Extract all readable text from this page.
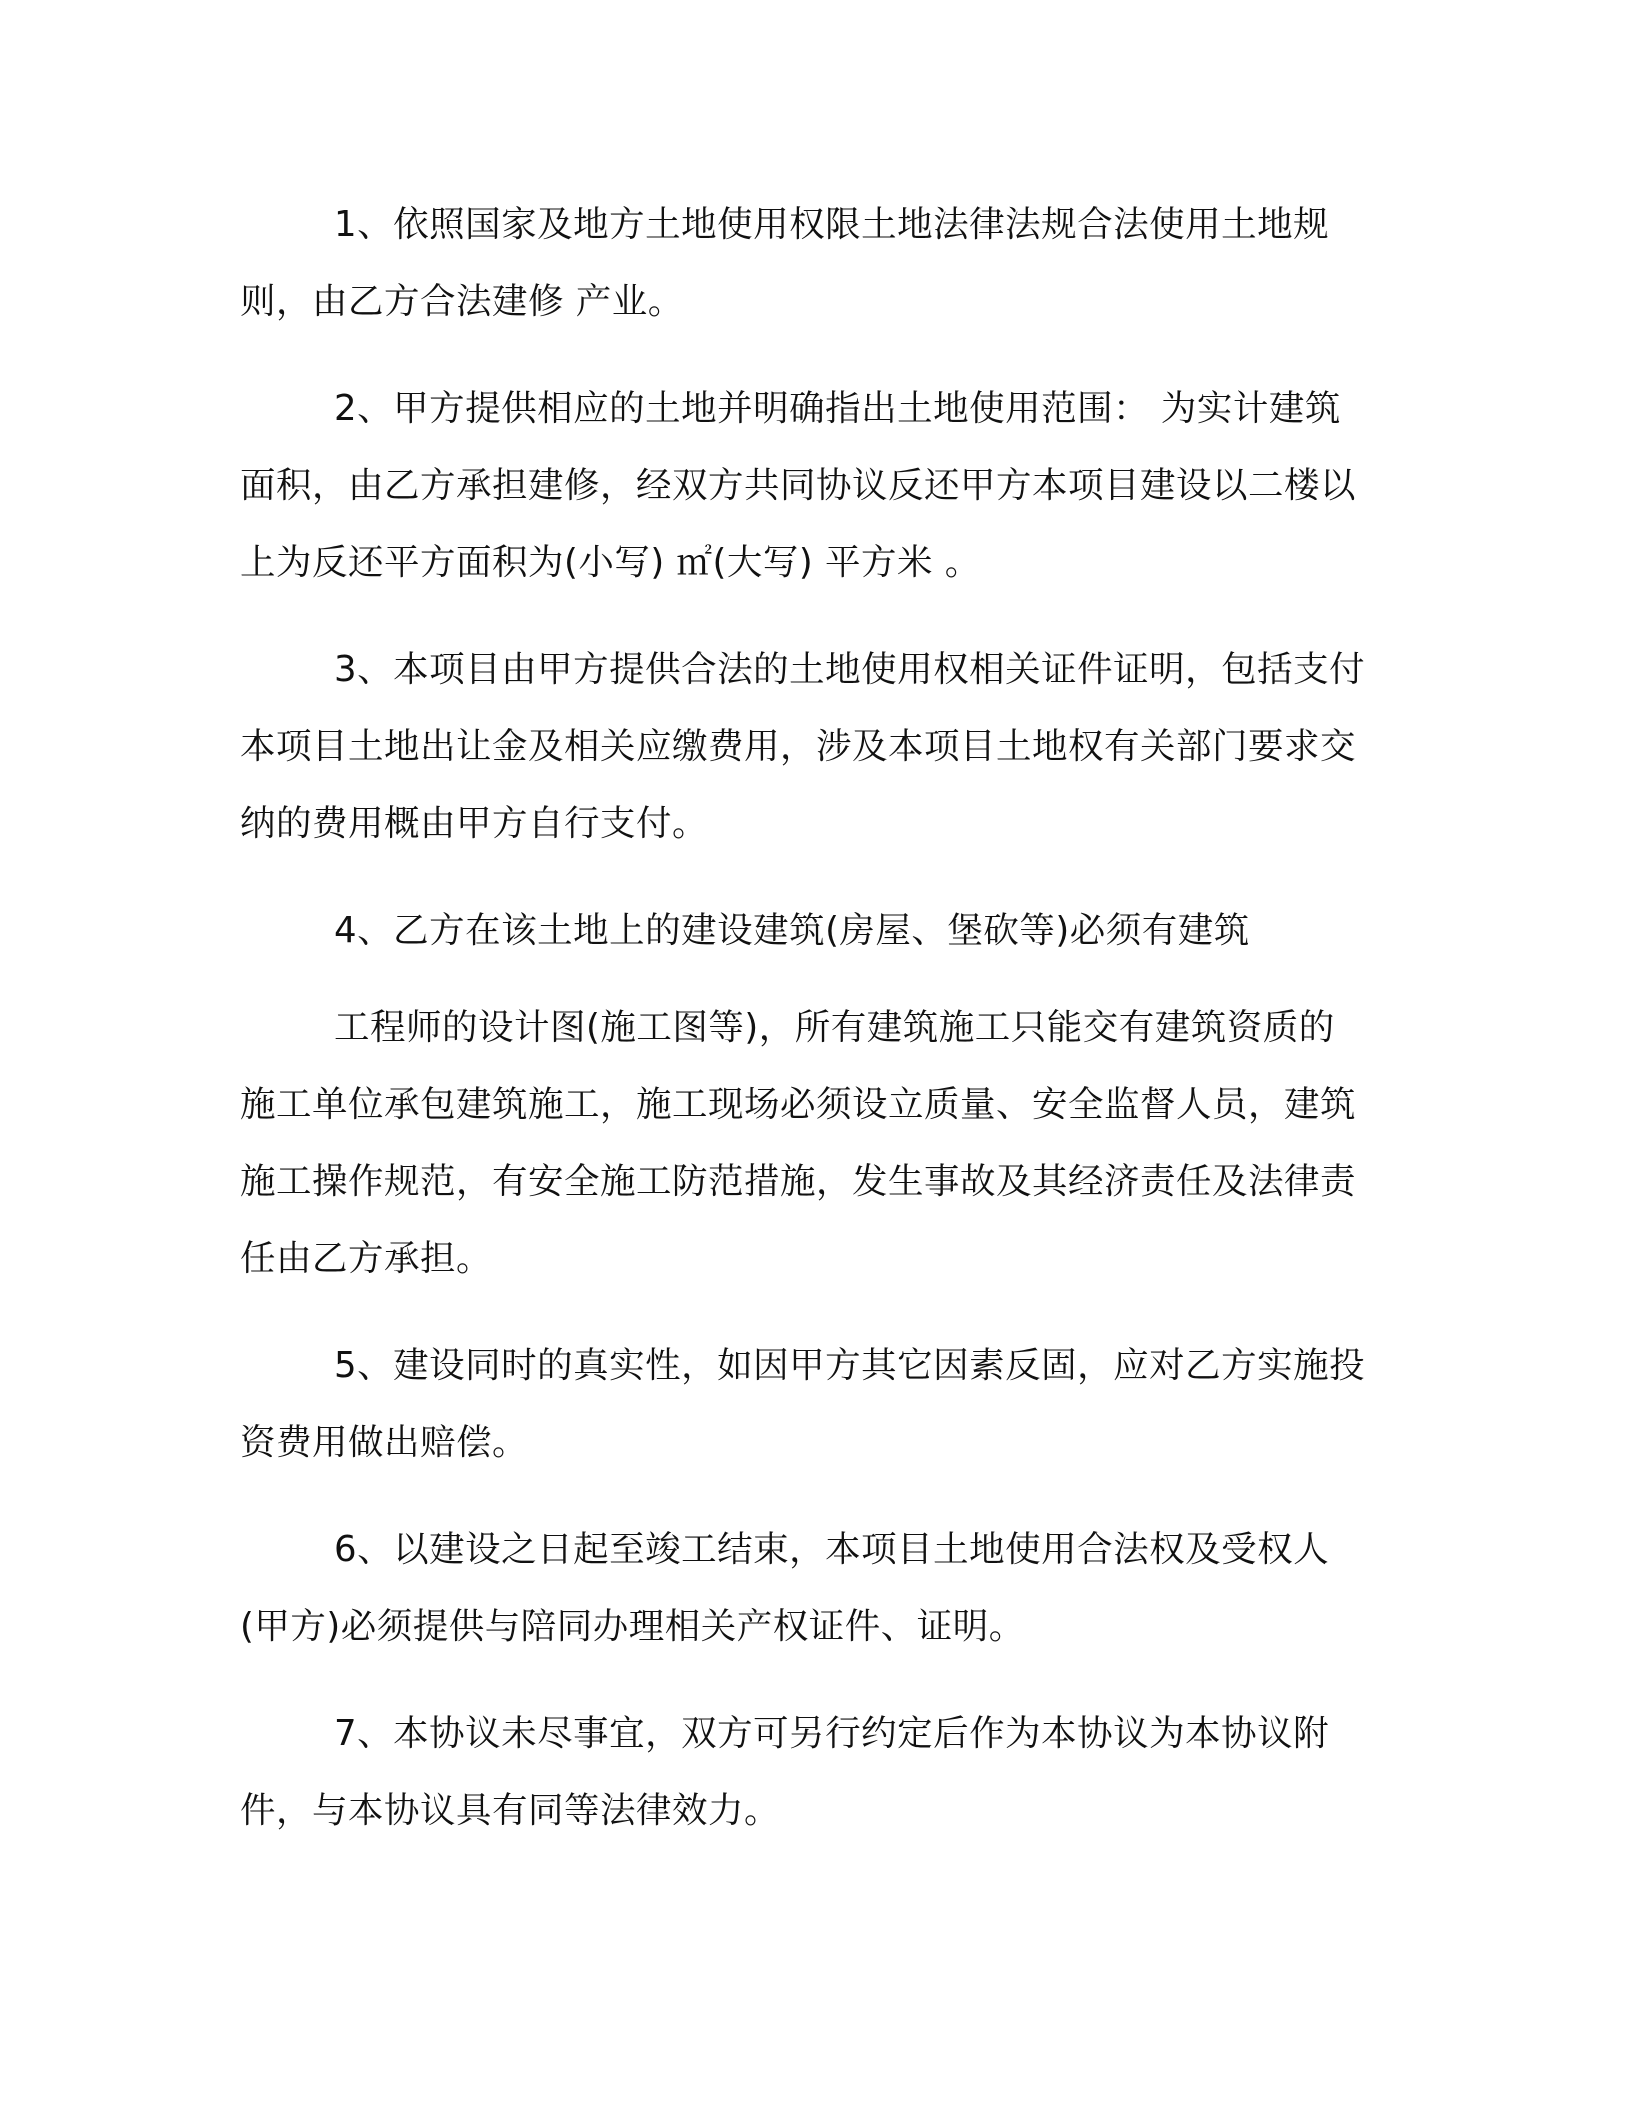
1、依照国家及地方土地使用权限土地法律法规合法使用土地规则，由乙方合法建修 产业。

2、甲方提供相应的土地并明确指出土地使用范围： 为实计建筑面积，由乙方承担建修，经双方共同协议反还甲方本项目建设以二楼以上为反还平方面积为(小写) ㎡(大写) 平方米 。

3、本项目由甲方提供合法的土地使用权相关证件证明，包括支付本项目土地出让金及相关应缴费用，涉及本项目土地权有关部门要求交纳的费用概由甲方自行支付。

4、乙方在该土地上的建设建筑(房屋、堡砍等)必须有建筑

工程师的设计图(施工图等)，所有建筑施工只能交有建筑资质的施工单位承包建筑施工，施工现场必须设立质量、安全监督人员，建筑施工操作规范，有安全施工防范措施，发生事故及其经济责任及法律责任由乙方承担。

5、建设同时的真实性，如因甲方其它因素反固，应对乙方实施投资费用做出赔偿。

6、以建设之日起至竣工结束，本项目土地使用合法权及受权人(甲方)必须提供与陪同办理相关产权证件、证明。

7、本协议未尽事宜，双方可另行约定后作为本协议为本协议附件，与本协议具有同等法律效力。
